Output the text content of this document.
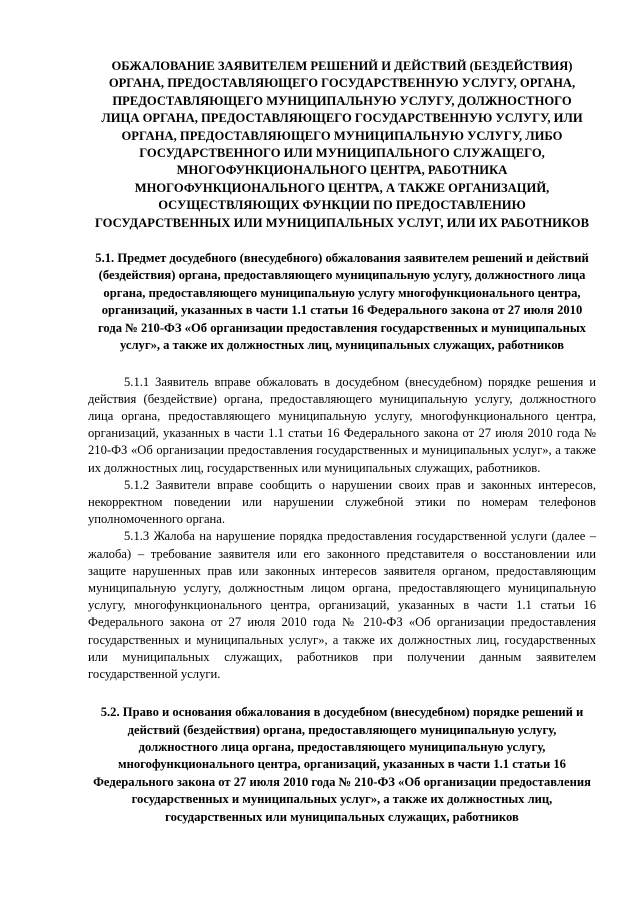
ОБЖАЛОВАНИЕ ЗАЯВИТЕЛЕМ РЕШЕНИЙ И ДЕЙСТВИЙ (БЕЗДЕЙСТВИЯ) ОРГАНА, ПРЕДОСТАВЛЯЮЩЕГО ГОСУДАРСТВЕННУЮ УСЛУГУ, ОРГАНА, ПРЕДОСТАВЛЯЮЩЕГО МУНИЦИПАЛЬНУЮ УСЛУГУ, ДОЛЖНОСТНОГО ЛИЦА ОРГАНА, ПРЕДОСТАВЛЯЮЩЕГО ГОСУДАРСТВЕННУЮ УСЛУГУ, ИЛИ ОРГАНА, ПРЕДОСТАВЛЯЮЩЕГО МУНИЦИПАЛЬНУЮ УСЛУГУ, ЛИБО ГОСУДАРСТВЕННОГО ИЛИ МУНИЦИПАЛЬНОГО СЛУЖАЩЕГО, МНОГОФУНКЦИОНАЛЬНОГО ЦЕНТРА, РАБОТНИКА МНОГОФУНКЦИОНАЛЬНОГО ЦЕНТРА, А ТАКЖЕ ОРГАНИЗАЦИЙ, ОСУЩЕСТВЛЯЮЩИХ ФУНКЦИИ ПО ПРЕДОСТАВЛЕНИЮ ГОСУДАРСТВЕННЫХ ИЛИ МУНИЦИПАЛЬНЫХ УСЛУГ, ИЛИ ИХ РАБОТНИКОВ
5.1. Предмет досудебного (внесудебного) обжалования заявителем решений и действий (бездействия) органа, предоставляющего муниципальную услугу, должностного лица органа, предоставляющего муниципальную услугу многофункционального центра, организаций, указанных в части 1.1 статьи 16 Федерального закона от 27 июля 2010 года № 210-ФЗ «Об организации предоставления государственных и муниципальных услуг», а также их должностных лиц, муниципальных служащих, работников

5.1.1 Заявитель вправе обжаловать в досудебном (внесудебном) порядке решения и действия (бездействие) органа, предоставляющего муниципальную услугу, должностного лица органа, предоставляющего муниципальную услугу, многофункционального центра, организаций, указанных в части 1.1 статьи 16 Федерального закона от 27 июля 2010 года № 210-ФЗ «Об организации предоставления государственных и муниципальных услуг», а также их должностных лиц, государственных или муниципальных служащих, работников.

5.1.2 Заявители вправе сообщить о нарушении своих прав и законных интересов, некорректном поведении или нарушении служебной этики по номерам телефонов уполномоченного органа.

5.1.3 Жалоба на нарушение порядка предоставления государственной услуги (далее – жалоба) – требование заявителя или его законного представителя о восстановлении или защите нарушенных прав или законных интересов заявителя органом, предоставляющим муниципальную услугу, должностным лицом органа, предоставляющего муниципальную услугу, многофункционального центра, организаций, указанных в части 1.1 статьи 16 Федерального закона от 27 июля 2010 года № 210-ФЗ «Об организации предоставления государственных и муниципальных услуг», а также их должностных лиц, государственных или муниципальных служащих, работников при получении данным заявителем государственной услуги.

5.2. Право и основания обжалования в досудебном (внесудебном) порядке решений и действий (бездействия) органа, предоставляющего муниципальную услугу, должностного лица органа, предоставляющего муниципальную услугу, многофункционального центра, организаций, указанных в части 1.1 статьи 16 Федерального закона от 27 июля 2010 года № 210-ФЗ «Об организации предоставления государственных и муниципальных услуг», а также их должностных лиц, государственных или муниципальных служащих, работников
